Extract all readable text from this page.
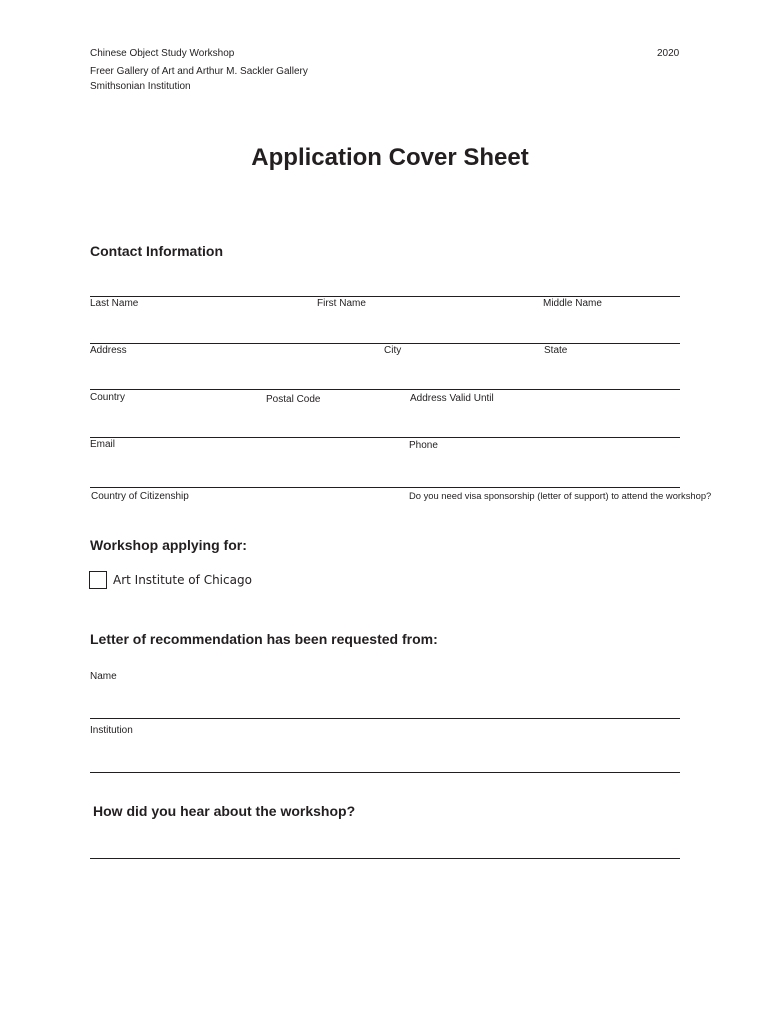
Chinese Object Study Workshop
Freer Gallery of Art and Arthur M. Sackler Gallery
Smithsonian Institution
2020
Application Cover Sheet
Contact Information
Last Name	First Name	Middle Name
Address	City	State
Country	Postal Code	Address Valid Until
Email	Phone
Country of Citizenship	Do you need visa sponsorship (letter of support) to attend the workshop?
Workshop applying for:
Art Institute of Chicago
Letter of recommendation has been requested from:
Name
Institution
How did you hear about the workshop?
